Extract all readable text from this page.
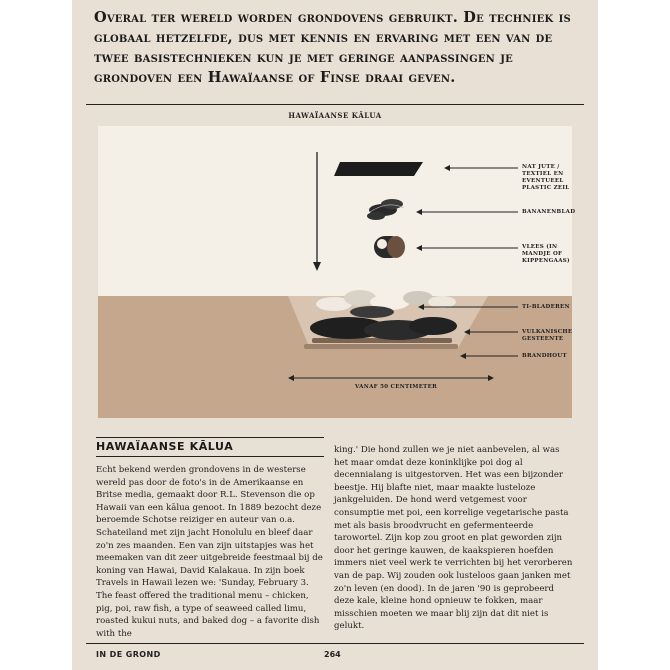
Overal ter wereld worden grondovens gebruikt. De techniek is globaal hetzelfde, dus met kennis en ervaring met een van de twee basistechnieken kun je met geringe aanpassingen je grondoven een Hawaïaanse of Finse draai geven.
HAWAÏAANSE KĀLUA
NAT JUTE / TEXTIEL EN EVENTUEEL PLASTIC ZEIL
BANANENBLAD
VLEES (IN MANDJE OF KIPPENGAAS)
TI-BLADEREN
VULKANISCHE GESTEENTE
BRANDHOUT
VANAF 50 CENTIMETER
HAWAÏAANSE KĀLUA

Echt bekend werden grondovens in de westerse wereld pas door de foto's in de Amerikaanse en Britse media, gemaakt door R.L. Stevenson die op Hawaii van een kālua genoot. In 1889 bezocht deze beroemde Schotse reiziger en auteur van o.a. Schateiland met zijn jacht Honolulu en bleef daar zo'n zes maanden. Een van zijn uitstapjes was het meemaken van dit zeer uitgebreide feestmaal bij de koning van Hawai, David Kalakaua. In zijn boek Travels in Hawaii lezen we: 'Sunday, February 3. The feast offered the traditional menu – chicken, pig, poi, raw fish, a type of seaweed called limu, roasted kukui nuts, and baked dog – a favorite dish with the

king.' Die hond zullen we je niet aanbevelen, al was het maar omdat deze koninklijke poi dog al decennialang is uitgestorven. Het was een bijzonder beestje. Hij blafte niet, maar maakte lusteloze jankgeluiden. De hond werd vetgemest voor consumptie met poi, een korrelige vegetarische pasta met als basis broodvrucht en gefermenteerde tarowortel. Zijn kop zou groot en plat geworden zijn door het geringe kauwen, de kaakspieren hoefden immers niet veel werk te verrichten bij het verorberen van de pap. Wij zouden ook lusteloos gaan janken met zo'n leven (en dood). In de jaren '90 is geprobeerd deze kale, kleine hond opnieuw te fokken, maar misschien moeten we maar blij zijn dat dit niet is gelukt.

IN DE GROND	264
